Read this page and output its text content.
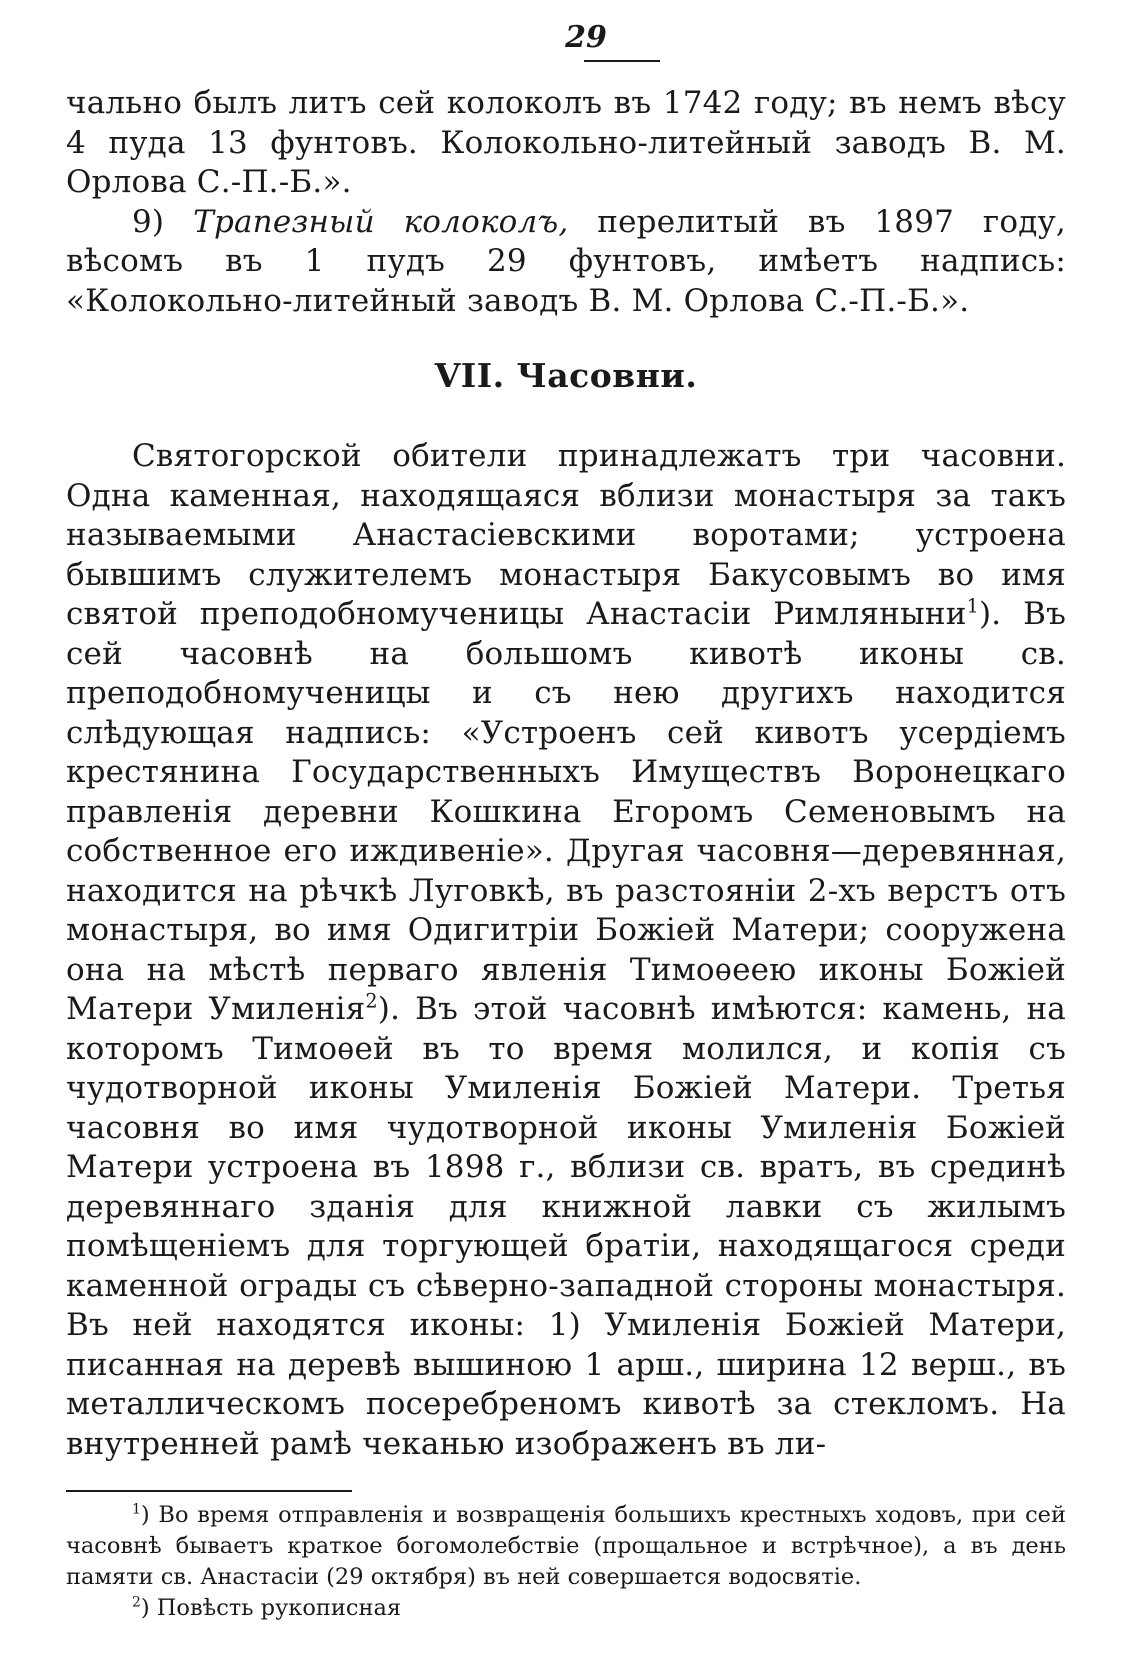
29

чально былъ литъ сей колоколъ въ 1742 году; въ немъ вѣсу 4 пуда 13 фунтовъ. Колокольно-литейный заводъ В. М. Орлова С.-П.-Б.».

9) Трапезный колоколъ, перелитый въ 1897 году, вѣсомъ въ 1 пудъ 29 фунтовъ, имѣетъ надпись: «Колокольно-литейный заводъ В. М. Орлова С.-П.-Б.».

VII. Часовни.

Святогорской обители принадлежатъ три часовни. Одна каменная, находящаяся вблизи монастыря за такъ называемыми Анастасіевскими воротами; устроена бывшимъ служителемъ монастыря Бакусовымъ во имя святой преподобномученицы Анастасіи Римляныни$^1$). Въ сей часовнѣ на большомъ кивотѣ иконы св. преподобномученицы и съ нею другихъ находится слѣдующая надпись: «Устроенъ сей кивотъ усердіемъ крестянина Государственныхъ Имуществъ Воронецкаго правленія деревни Кошкина Егоромъ Семеновымъ на собственное его иждивеніе». Другая часовня—деревянная, находится на рѣчкѣ Луговкѣ, въ разстояніи 2-хъ верстъ отъ монастыря, во имя Одигитріи Божіей Матери; сооружена она на мѣстѣ перваго явленія Тимоѳеею иконы Божіей Матери Умиленія$^2$). Въ этой часовнѣ имѣются: камень, на которомъ Тимоѳей въ то время молился, и копія съ чудотворной иконы Умиленія Божіей Матери. Третья часовня во имя чудотворной иконы Умиленія Божіей Матери устроена въ 1898 г., вблизи св. вратъ, въ срединѣ деревяннаго зданія для книжной лавки съ жилымъ помѣщеніемъ для торгующей братіи, находящагося среди каменной ограды съ сѣверно-западной стороны монастыря. Въ ней находятся иконы: 1) Умиленія Божіей Матери, писанная на деревѣ вышиною 1 арш., ширина 12 верш., въ металлическомъ посеребреномъ кивотѣ за стекломъ. На внутренней рамѣ чеканью изображенъ въ ли-

$^1$) Во время отправленія и возвращенія большихъ крестныхъ ходовъ, при сей часовнѣ бываетъ краткое богомолебствіе (прощальное и встрѣчное), а въ день памяти св. Анастасіи (29 октября) въ ней совершается водосвятіе.

$^2$) Повѣсть рукописная
